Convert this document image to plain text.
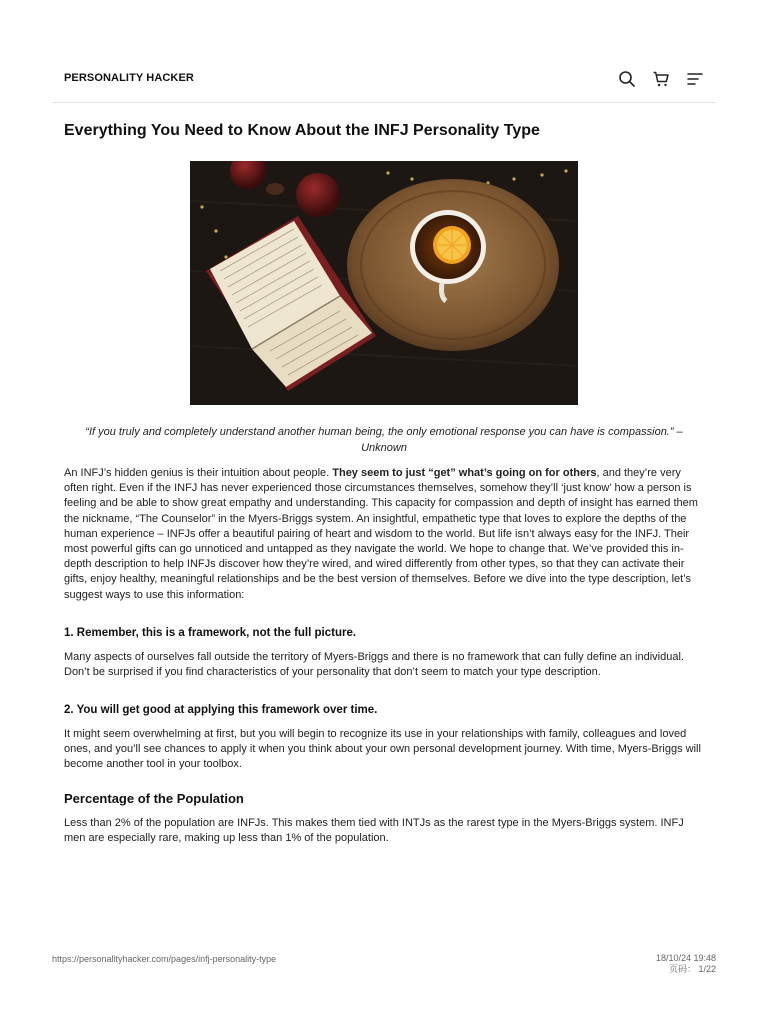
PERSONALITY HACKER
Everything You Need to Know About the INFJ Personality Type
“If you truly and completely understand another human being, the only emotional response you can have is compassion.” – Unknown
An INFJ’s hidden genius is their intuition about people. They seem to just “get” what’s going on for others, and they’re very often right. Even if the INFJ has never experienced those circumstances themselves, somehow they’ll ‘just know’ how a person is feeling and be able to show great empathy and understanding. This capacity for compassion and depth of insight has earned them the nickname, “The Counselor” in the Myers-Briggs system. An insightful, empathetic type that loves to explore the depths of the human experience – INFJs offer a beautiful pairing of heart and wisdom to the world. But life isn’t always easy for the INFJ. Their most powerful gifts can go unnoticed and untapped as they navigate the world. We hope to change that. We’ve provided this in-depth description to help INFJs discover how they’re wired, and wired differently from other types, so that they can activate their gifts, enjoy healthy, meaningful relationships and be the best version of themselves. Before we dive into the type description, let’s suggest ways to use this information:
1. Remember, this is a framework, not the full picture.
Many aspects of ourselves fall outside the territory of Myers-Briggs and there is no framework that can fully define an individual. Don’t be surprised if you find characteristics of your personality that don’t seem to match your type description.
2. You will get good at applying this framework over time.
It might seem overwhelming at first, but you will begin to recognize its use in your relationships with family, colleagues and loved ones, and you’ll see chances to apply it when you think about your own personal development journey. With time, Myers-Briggs will become another tool in your toolbox.
Percentage of the Population
Less than 2% of the population are INFJs. This makes them tied with INTJs as the rarest type in the Myers-Briggs system. INFJ men are especially rare, making up less than 1% of the population.
https://personalityhacker.com/pages/infj-personality-type	18/10/24 19:48
页码： 1/22
